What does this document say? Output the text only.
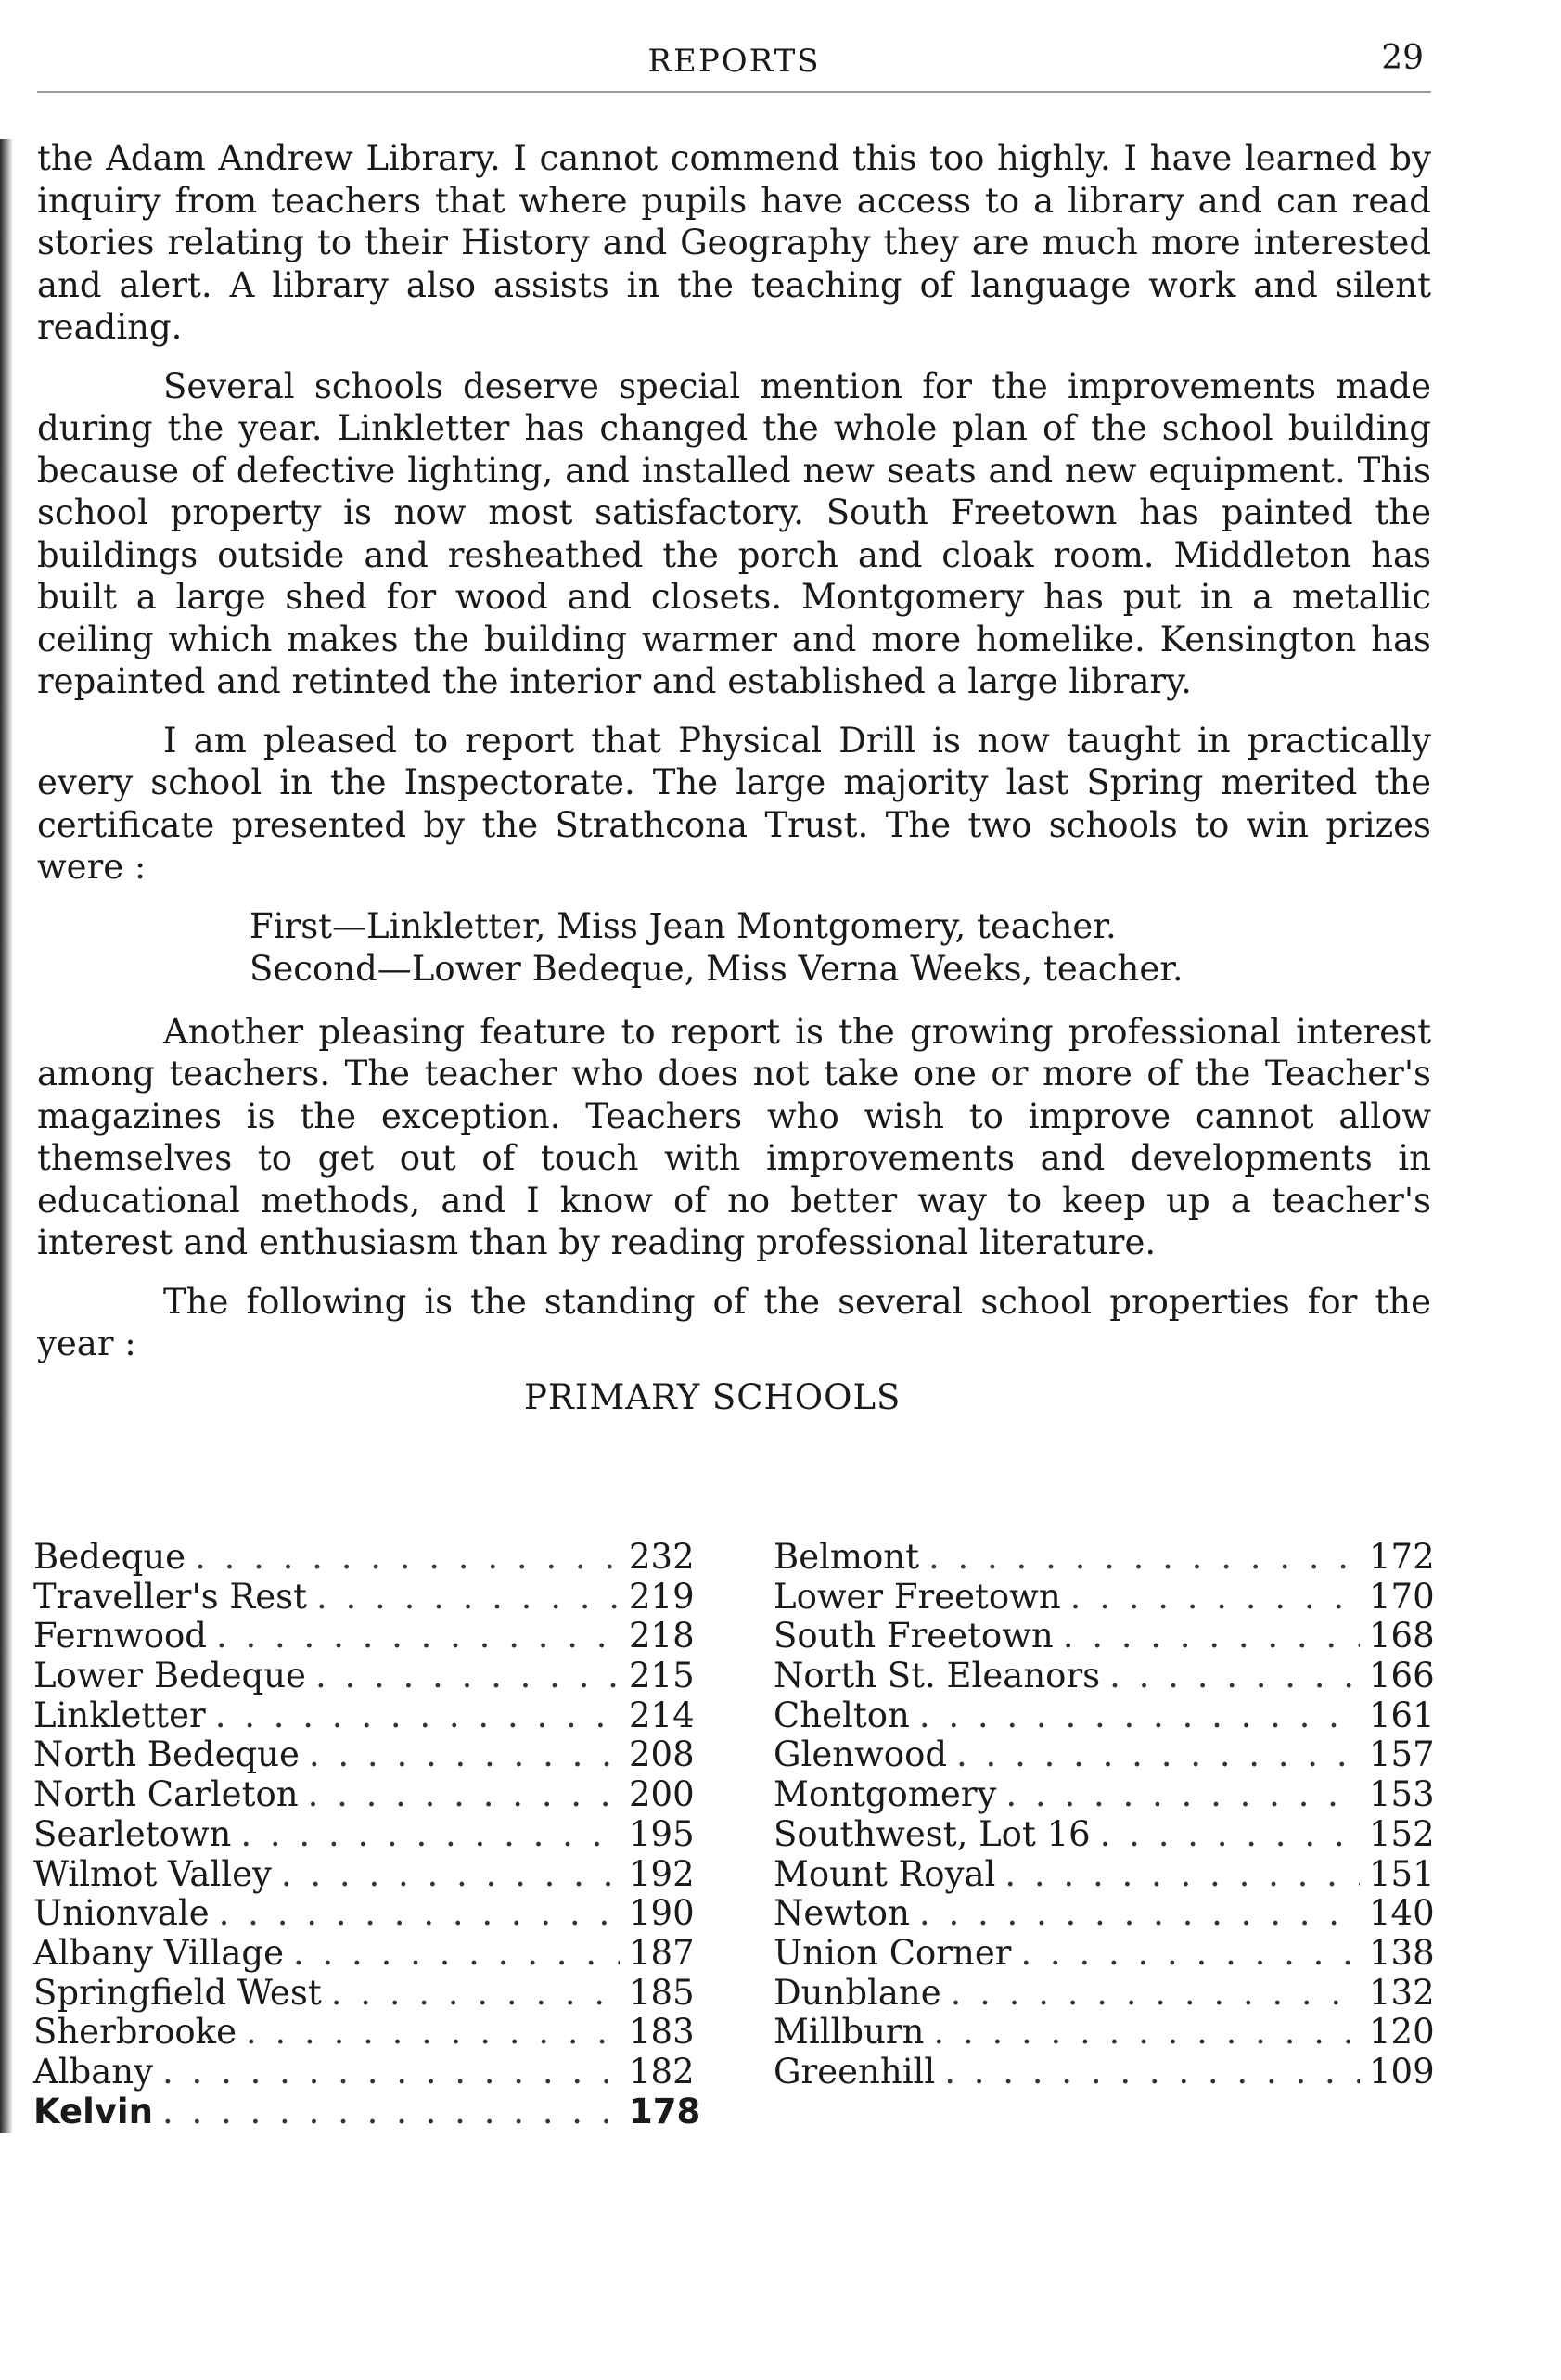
REPORTS	29

the Adam Andrew Library. I cannot commend this too highly. I have learned by inquiry from teachers that where pupils have access to a library and can read stories relating to their History and Geography they are much more interested and alert. A library also assists in the teaching of language work and silent reading.

Several schools deserve special mention for the improvements made during the year. Linkletter has changed the whole plan of the school building because of defective lighting, and installed new seats and new equipment. This school property is now most satisfactory. South Freetown has painted the buildings outside and resheathed the porch and cloak room. Middleton has built a large shed for wood and closets. Montgomery has put in a metallic ceiling which makes the building warmer and more homelike. Kensington has repainted and retinted the interior and established a large library.

I am pleased to report that Physical Drill is now taught in practically every school in the Inspectorate. The large majority last Spring merited the certificate presented by the Strathcona Trust. The two schools to win prizes were :

First—Linkletter, Miss Jean Montgomery, teacher.
Second—Lower Bedeque, Miss Verna Weeks, teacher.

Another pleasing feature to report is the growing professional interest among teachers. The teacher who does not take one or more of the Teacher's magazines is the exception. Teachers who wish to improve cannot allow themselves to get out of touch with improvements and developments in educational methods, and I know of no better way to keep up a teacher's interest and enthusiasm than by reading professional literature.

The following is the standing of the several school properties for the year :

PRIMARY SCHOOLS
Bedeque . . .	232
Traveller's Rest . . .	219
Fernwood . . .	218
Lower Bedeque . . .	215
Linkletter . . .	214
North Bedeque . . .	208
North Carleton . . .	200
Searletown . . .	195
Wilmot Valley . . .	192
Unionvale . . .	190
Albany Village . . .	187
Springfield West . . .	185
Sherbrooke . . .	183
Albany . . .	182
Kelvin . . .	178
Belmont . . .	172
Lower Freetown . . .	170
South Freetown . . .	168
North St. Eleanors . . .	166
Chelton . . .	161
Glenwood . . .	157
Montgomery . . .	153
Southwest, Lot 16 . . .	152
Mount Royal . . .	151
Newton . . .	140
Union Corner . . .	138
Dunblane . . .	132
Millburn . . .	120
Greenhill . . .	109
